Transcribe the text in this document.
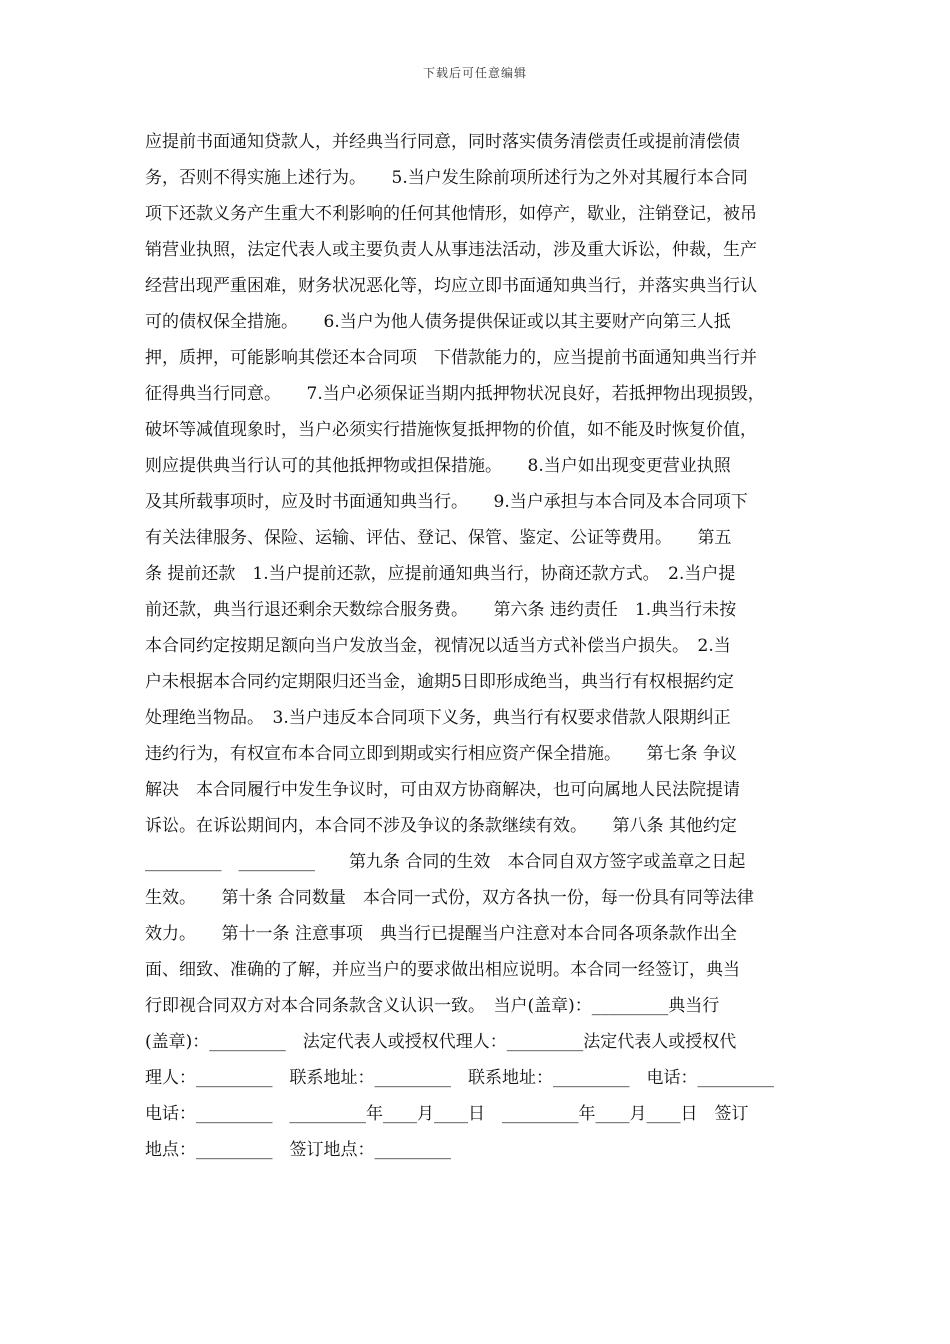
下载后可任意编辑
应提前书面通知贷款人，并经典当行同意，同时落实债务清偿责任或提前清偿债
务，否则不得实施上述行为。　　5.当户发生除前项所述行为之外对其履行本合同
项下还款义务产生重大不利影响的任何其他情形，如停产，歇业，注销登记，被吊
销营业执照，法定代表人或主要负责人从事违法活动，涉及重大诉讼，仲裁，生产
经营出现严重困难，财务状况恶化等，均应立即书面通知典当行，并落实典当行认
可的债权保全措施。　　6.当户为他人债务提供保证或以其主要财产向第三人抵
押，质押，可能影响其偿还本合同项　下借款能力的，应当提前书面通知典当行并
征得典当行同意。　　7.当户必须保证当期内抵押物状况良好，若抵押物出现损毁，
破坏等减值现象时，当户必须实行措施恢复抵押物的价值，如不能及时恢复价值，
则应提供典当行认可的其他抵押物或担保措施。　　8.当户如出现变更营业执照
及其所载事项时，应及时书面通知典当行。　　9.当户承担与本合同及本合同项下
有关法律服务、保险、运输、评估、登记、保管、鉴定、公证等费用。　　第五
条 提前还款　1.当户提前还款，应提前通知典当行，协商还款方式。　2.当户提
前还款，典当行退还剩余天数综合服务费。　　第六条 违约责任　1.典当行未按
本合同约定按期足额向当户发放当金，视情况以适当方式补偿当户损失。　2.当
户未根据本合同约定期限归还当金，逾期5日即形成绝当，典当行有权根据约定
处理绝当物品。　3.当户违反本合同项下义务，典当行有权要求借款人限期纠正
违约行为，有权宣布本合同立即到期或实行相应资产保全措施。　　第七条 争议
解决　本合同履行中发生争议时，可由双方协商解决，也可向属地人民法院提请
诉讼。在诉讼期间内，本合同不涉及争议的条款继续有效。　　第八条 其他约定
_________　_________　　第九条 合同的生效　本合同自双方签字或盖章之日起
生效。　　第十条 合同数量　本合同一式份，双方各执一份，每一份具有同等法律
效力。　　第十一条 注意事项　典当行已提醒当户注意对本合同各项条款作出全
面、细致、准确的了解，并应当户的要求做出相应说明。本合同一经签订，典当
行即视合同双方对本合同条款含义认识一致。　当户(盖章)：_________典当行
(盖章)：_________　法定代表人或授权代理人：_________法定代表人或授权代
理人：_________　联系地址：_________　联系地址：_________　电话：_________
电话：_________　_________年____月____日　_________年____月____日　签订
地点：_________　签订地点：_________
